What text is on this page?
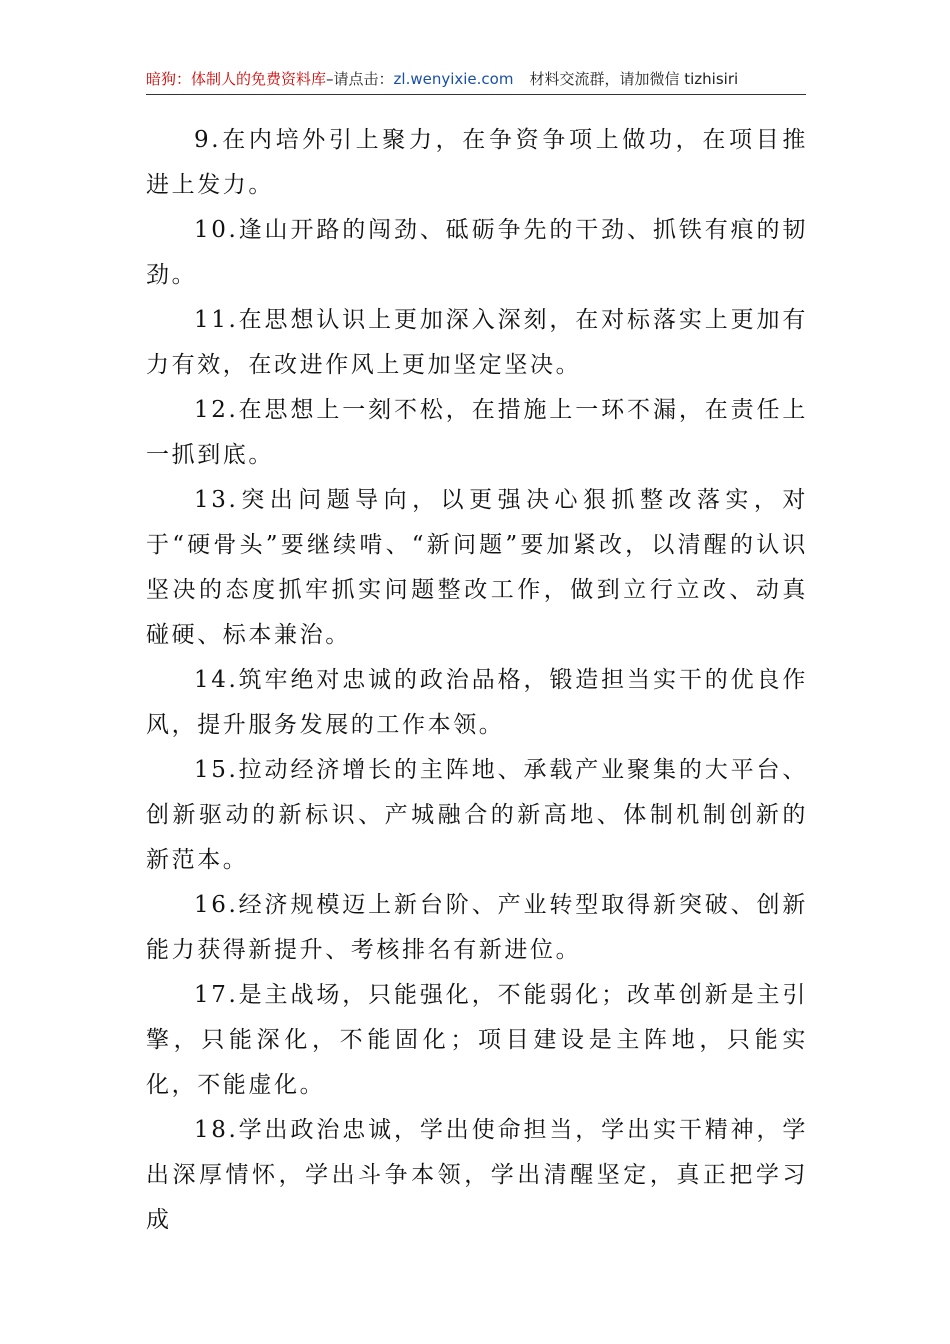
暗狗：体制人的免费资料库–请点击：zl.wenyixie.com 材料交流群，请加微信 tizhisiri

9.在内培外引上聚力，在争资争项上做功，在项目推进上发力。

10.逢山开路的闯劲、砥砺争先的干劲、抓铁有痕的韧劲。

11.在思想认识上更加深入深刻，在对标落实上更加有力有效，在改进作风上更加坚定坚决。

12.在思想上一刻不松，在措施上一环不漏，在责任上一抓到底。

13.突出问题导向，以更强决心狠抓整改落实，对于“硬骨头”要继续啃、“新问题”要加紧改，以清醒的认识坚决的态度抓牢抓实问题整改工作，做到立行立改、动真碰硬、标本兼治。

14.筑牢绝对忠诚的政治品格，锻造担当实干的优良作风，提升服务发展的工作本领。

15.拉动经济增长的主阵地、承载产业聚集的大平台、创新驱动的新标识、产城融合的新高地、体制机制创新的新范本。

16.经济规模迈上新台阶、产业转型取得新突破、创新能力获得新提升、考核排名有新进位。

17.是主战场，只能强化，不能弱化；改革创新是主引擎，只能深化，不能固化；项目建设是主阵地，只能实化，不能虚化。

18.学出政治忠诚，学出使命担当，学出实干精神，学出深厚情怀，学出斗争本领，学出清醒坚定，真正把学习成
